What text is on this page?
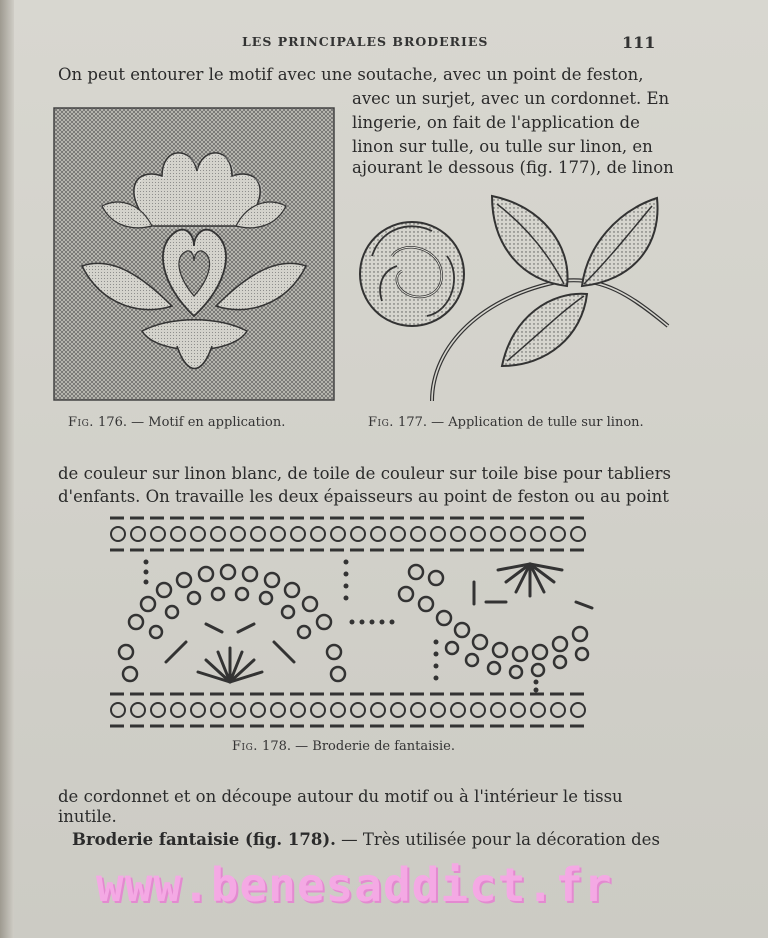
LES PRINCIPALES BRODERIES	111
On peut entourer le motif avec une soutache, avec un point de feston,
avec un surjet, avec un cordonnet. En
lingerie, on fait de l'application de
linon sur tulle, ou tulle sur linon, en
ajourant le dessous (fig. 177), de linon
Fig. 176. — Motif en application.	Fig. 177. — Application de tulle sur linon.
de couleur sur linon blanc, de toile de couleur sur toile bise pour tabliers
d'enfants. On travaille les deux épaisseurs au point de feston ou au point
Fig. 178. — Broderie de fantaisie.
de cordonnet et on découpe autour du motif ou à l'intérieur le tissu
inutile.
Broderie fantaisie (fig. 178). — Très utilisée pour la décoration des
www.benesaddict.fr
